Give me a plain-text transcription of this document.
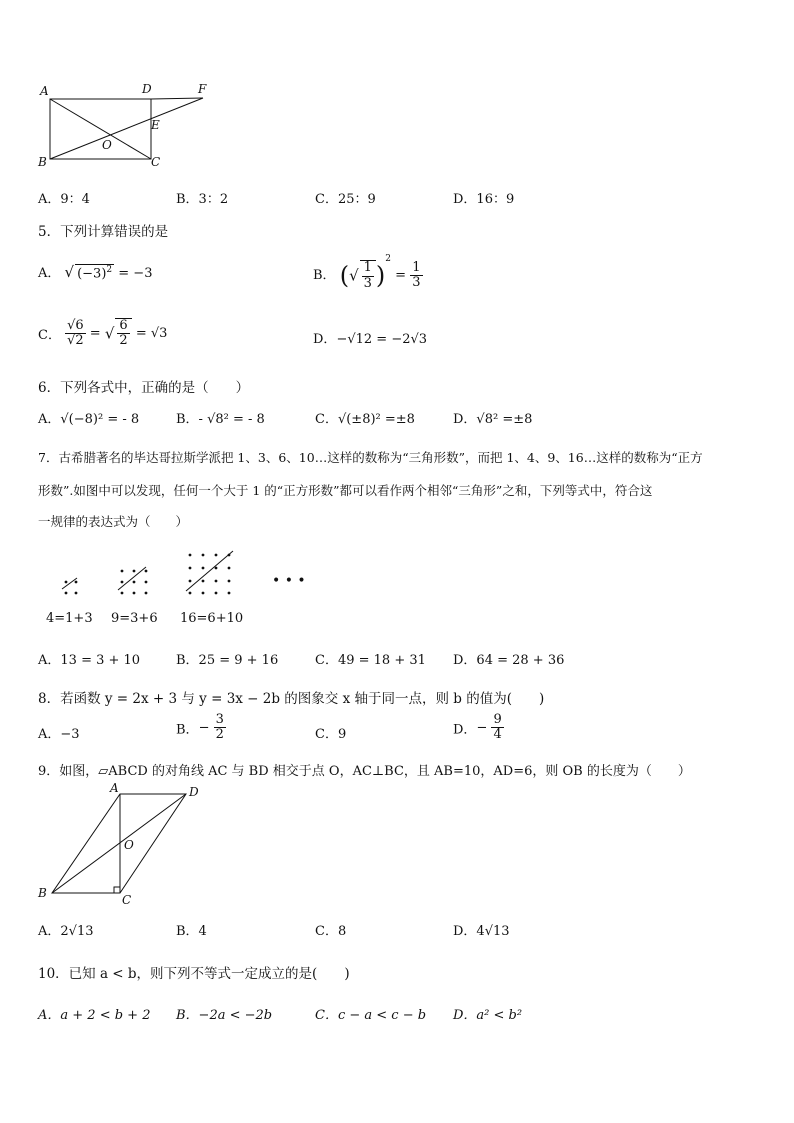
A	D	F
E
B
O
C
A．9：4	B．3：2	C．25：9	D．16：9
5．下列计算错误的是
A． √ $(-3)^2 = -3$	B． (√ $\frac{1}{3} )^2 = \frac{1}{3}$
C． $\frac{√6}{√2}$ = √ $\frac{6}{2} = √3$	D．−√12 = −2√3
6．下列各式中，正确的是（　　）
A．√(−8)² = - 8	B．- √8² = - 8	C．√(±8)² =±8	D．√8² =±8
7．古希腊著名的毕达哥拉斯学派把 1、3、6、10…这样的数称为“三角形数”，而把 1、4、9、16…这样的数称为“正方
形数”.如图中可以发现，任何一个大于 1 的“正方形数”都可以看作两个相邻“三角形”之和，下列等式中，符合这
一规律的表达式为（　　）
• • •
4=1+3 9=3+6 16=6+10
A．13 = 3 + 10	B．25 = 9 + 16	C．49 = 18 + 31 D．64 = 28 + 36
8．若函数 y = 2x + 3 与 y = 3x − 2b 的图象交 x 轴于同一点，则 b 的值为(　　)
A．−3	B．− $\frac{3}{2}$	C．9	D．− $\frac{9}{4}$
9．如图，▱ABCD 的对角线 AC 与 BD 相交于点 O，AC⊥BC，且 AB=10，AD=6，则 OB 的长度为（　　）
A	D
O
B	C
A．2√13	B．4	C．8	D．4√13
10．已知 a < b，则下列不等式一定成立的是(　　)
A．a + 2 < b + 2 B．−2a < −2b	C．c − a < c − b D．a² < b²
